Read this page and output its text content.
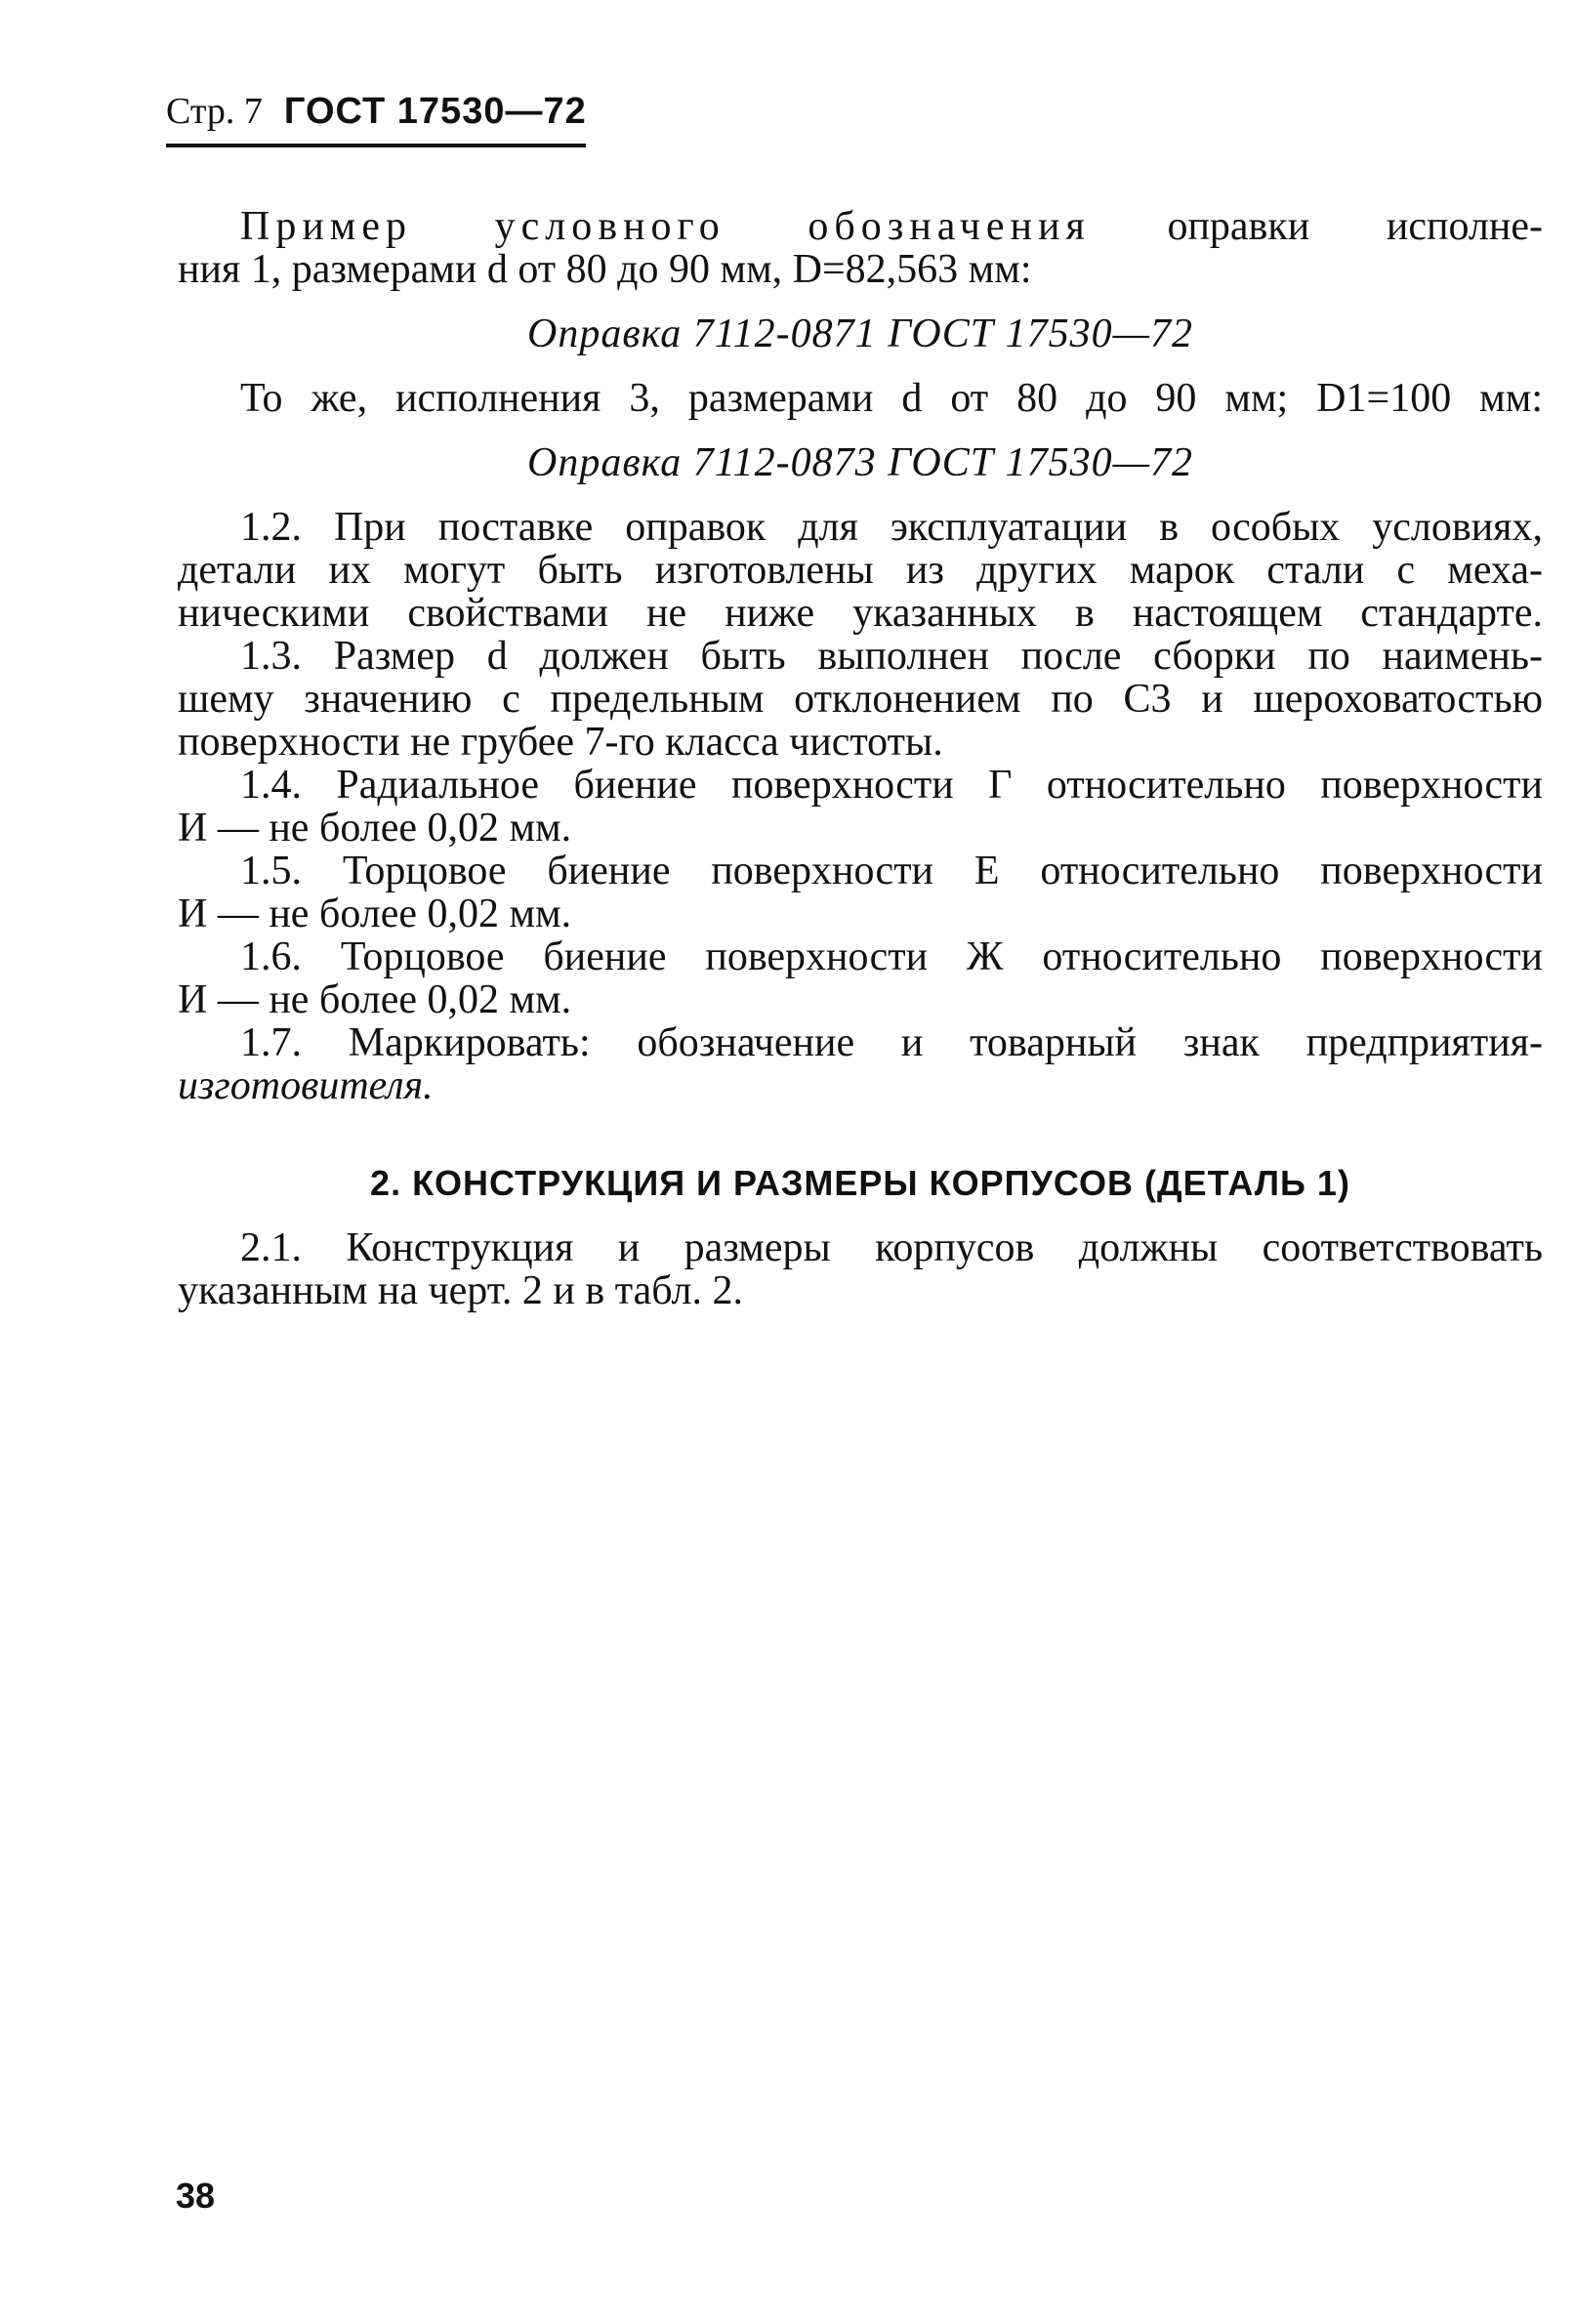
Стр. 7 ГОСТ 17530—72

Пример условного обозначения оправки исполне-

ния 1, размерами d от 80 до 90 мм, D=82,563 мм:

Оправка 7112-0871 ГОСТ 17530—72

То же, исполнения 3, размерами d от 80 до 90 мм; D1=100 мм:

Оправка 7112-0873 ГОСТ 17530—72

1.2. При поставке оправок для эксплуатации в особых условиях,

детали их могут быть изготовлены из других марок стали с меха-

ническими свойствами не ниже указанных в настоящем стандарте.

1.3. Размер d должен быть выполнен после сборки по наимень-

шему значению с предельным отклонением по С3 и шероховатостью

поверхности не грубее 7-го класса чистоты.

1.4. Радиальное биение поверхности Г относительно поверхности

И — не более 0,02 мм.

1.5. Торцовое биение поверхности Е относительно поверхности

И — не более 0,02 мм.

1.6. Торцовое биение поверхности Ж относительно поверхности

И — не более 0,02 мм.

1.7. Маркировать: обозначение и товарный знак предприятия-

изготовителя.

2. КОНСТРУКЦИЯ И РАЗМЕРЫ КОРПУСОВ (ДЕТАЛЬ 1)

2.1. Конструкция и размеры корпусов должны соответствовать

указанным на черт. 2 и в табл. 2.

38
